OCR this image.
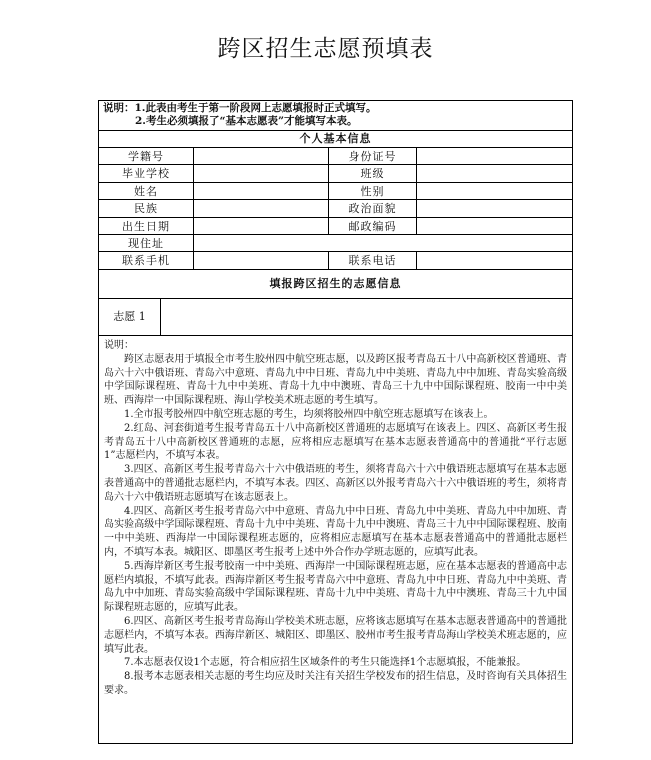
跨区招生志愿预填表
说明：1.此表由考生于第一阶段网上志愿填报时正式填写。
2.考生必须填报了“基本志愿表”才能填写本表。
个人基本信息
学籍号	身份证号
毕业学校	班级
姓名	性别
民族	政治面貌
出生日期	邮政编码
现住址
联系手机	联系电话
填报跨区招生的志愿信息
志愿 1

说明：

跨区志愿表用于填报全市考生胶州四中航空班志愿，以及跨区报考青岛五十八中高新校区普通班、青岛六十六中俄语班、青岛六中意班、青岛九中中日班、青岛九中中美班、青岛九中中加班、青岛实验高级中学国际课程班、青岛十九中中美班、青岛十九中中澳班、青岛三十九中中国际课程班、胶南一中中美班、西海岸一中国际课程班、海山学校美术班志愿的考生填写。

1.全市报考胶州四中航空班志愿的考生，均须将胶州四中航空班志愿填写在该表上。

2.红岛、河套街道考生报考青岛五十八中高新校区普通班的志愿填写在该表上。四区、高新区考生报考青岛五十八中高新校区普通班的志愿，应将相应志愿填写在基本志愿表普通高中的普通批“平行志愿1”志愿栏内，不填写本表。

3.四区、高新区考生报考青岛六十六中俄语班的考生，须将青岛六十六中俄语班志愿填写在基本志愿表普通高中的普通批志愿栏内，不填写本表。四区、高新区以外报考青岛六十六中俄语班的考生，须将青岛六十六中俄语班志愿填写在该志愿表上。

4.四区、高新区考生报考青岛六中中意班、青岛九中中日班、青岛九中中美班、青岛九中中加班、青岛实验高级中学国际课程班、青岛十九中中美班、青岛十九中中澳班、青岛三十九中中国际课程班、胶南一中中美班、西海岸一中国际课程班志愿的，应将相应志愿填写在基本志愿表普通高中的普通批志愿栏内，不填写本表。城阳区、即墨区考生报考上述中外合作办学班志愿的，应填写此表。

5.西海岸新区考生报考胶南一中中美班、西海岸一中国际课程班志愿，应在基本志愿表的普通高中志愿栏内填报，不填写此表。西海岸新区考生报考青岛六中中意班、青岛九中中日班、青岛九中中美班、青岛九中中加班、青岛实验高级中学国际课程班、青岛十九中中美班、青岛十九中中澳班、青岛三十九中国际课程班志愿的，应填写此表。

6.四区、高新区考生报考青岛海山学校美术班志愿，应将该志愿填写在基本志愿表普通高中的普通批志愿栏内，不填写本表。西海岸新区、城阳区、即墨区、胶州市考生报考青岛海山学校美术班志愿的，应填写此表。

7.本志愿表仅设1个志愿，符合相应招生区域条件的考生只能选择1个志愿填报，不能兼报。

8.报考本志愿表相关志愿的考生均应及时关注有关招生学校发布的招生信息，及时咨询有关具体招生要求。
